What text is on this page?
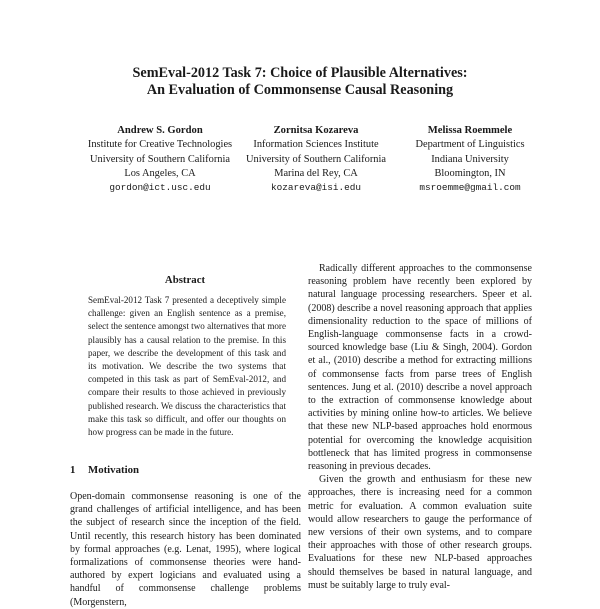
SemEval-2012 Task 7: Choice of Plausible Alternatives:
An Evaluation of Commonsense Causal Reasoning
Andrew S. Gordon
Institute for Creative Technologies
University of Southern California
Los Angeles, CA
gordon@ict.usc.edu
Zornitsa Kozareva
Information Sciences Institute
University of Southern California
Marina del Rey, CA
kozareva@isi.edu
Melissa Roemmele
Department of Linguistics
Indiana University
Bloomington, IN
msroemme@gmail.com
Abstract

SemEval-2012 Task 7 presented a deceptively simple challenge: given an English sentence as a premise, select the sentence amongst two alternatives that more plausibly has a causal relation to the premise. In this paper, we describe the development of this task and its motivation. We describe the two systems that competed in this task as part of SemEval-2012, and compare their results to those achieved in previously published research. We discuss the characteristics that make this task so difficult, and offer our thoughts on how progress can be made in the future.

1 Motivation

Open-domain commonsense reasoning is one of the grand challenges of artificial intelligence, and has been the subject of research since the inception of the field. Until recently, this research history has been dominated by formal approaches (e.g. Lenat, 1995), where logical formalizations of commonsense theories were hand-authored by expert logicians and evaluated using a handful of commonsense challenge problems (Morgenstern,

Radically different approaches to the commonsense reasoning problem have recently been explored by natural language processing researchers. Speer et al. (2008) describe a novel reasoning approach that applies dimensionality reduction to the space of millions of English-language commonsense facts in a crowd-sourced knowledge base (Liu & Singh, 2004). Gordon et al., (2010) describe a method for extracting millions of commonsense facts from parse trees of English sentences. Jung et al. (2010) describe a novel approach to the extraction of commonsense knowledge about activities by mining online how-to articles. We believe that these new NLP-based approaches hold enormous potential for overcoming the knowledge acquisition bottleneck that has limited progress in commonsense reasoning in previous decades.

Given the growth and enthusiasm for these new approaches, there is increasing need for a common metric for evaluation. A common evaluation suite would allow researchers to gauge the performance of new versions of their own systems, and to compare their approaches with those of other research groups. Evaluations for these new NLP-based approaches should themselves be based in natural language, and must be suitably large to truly eval-
